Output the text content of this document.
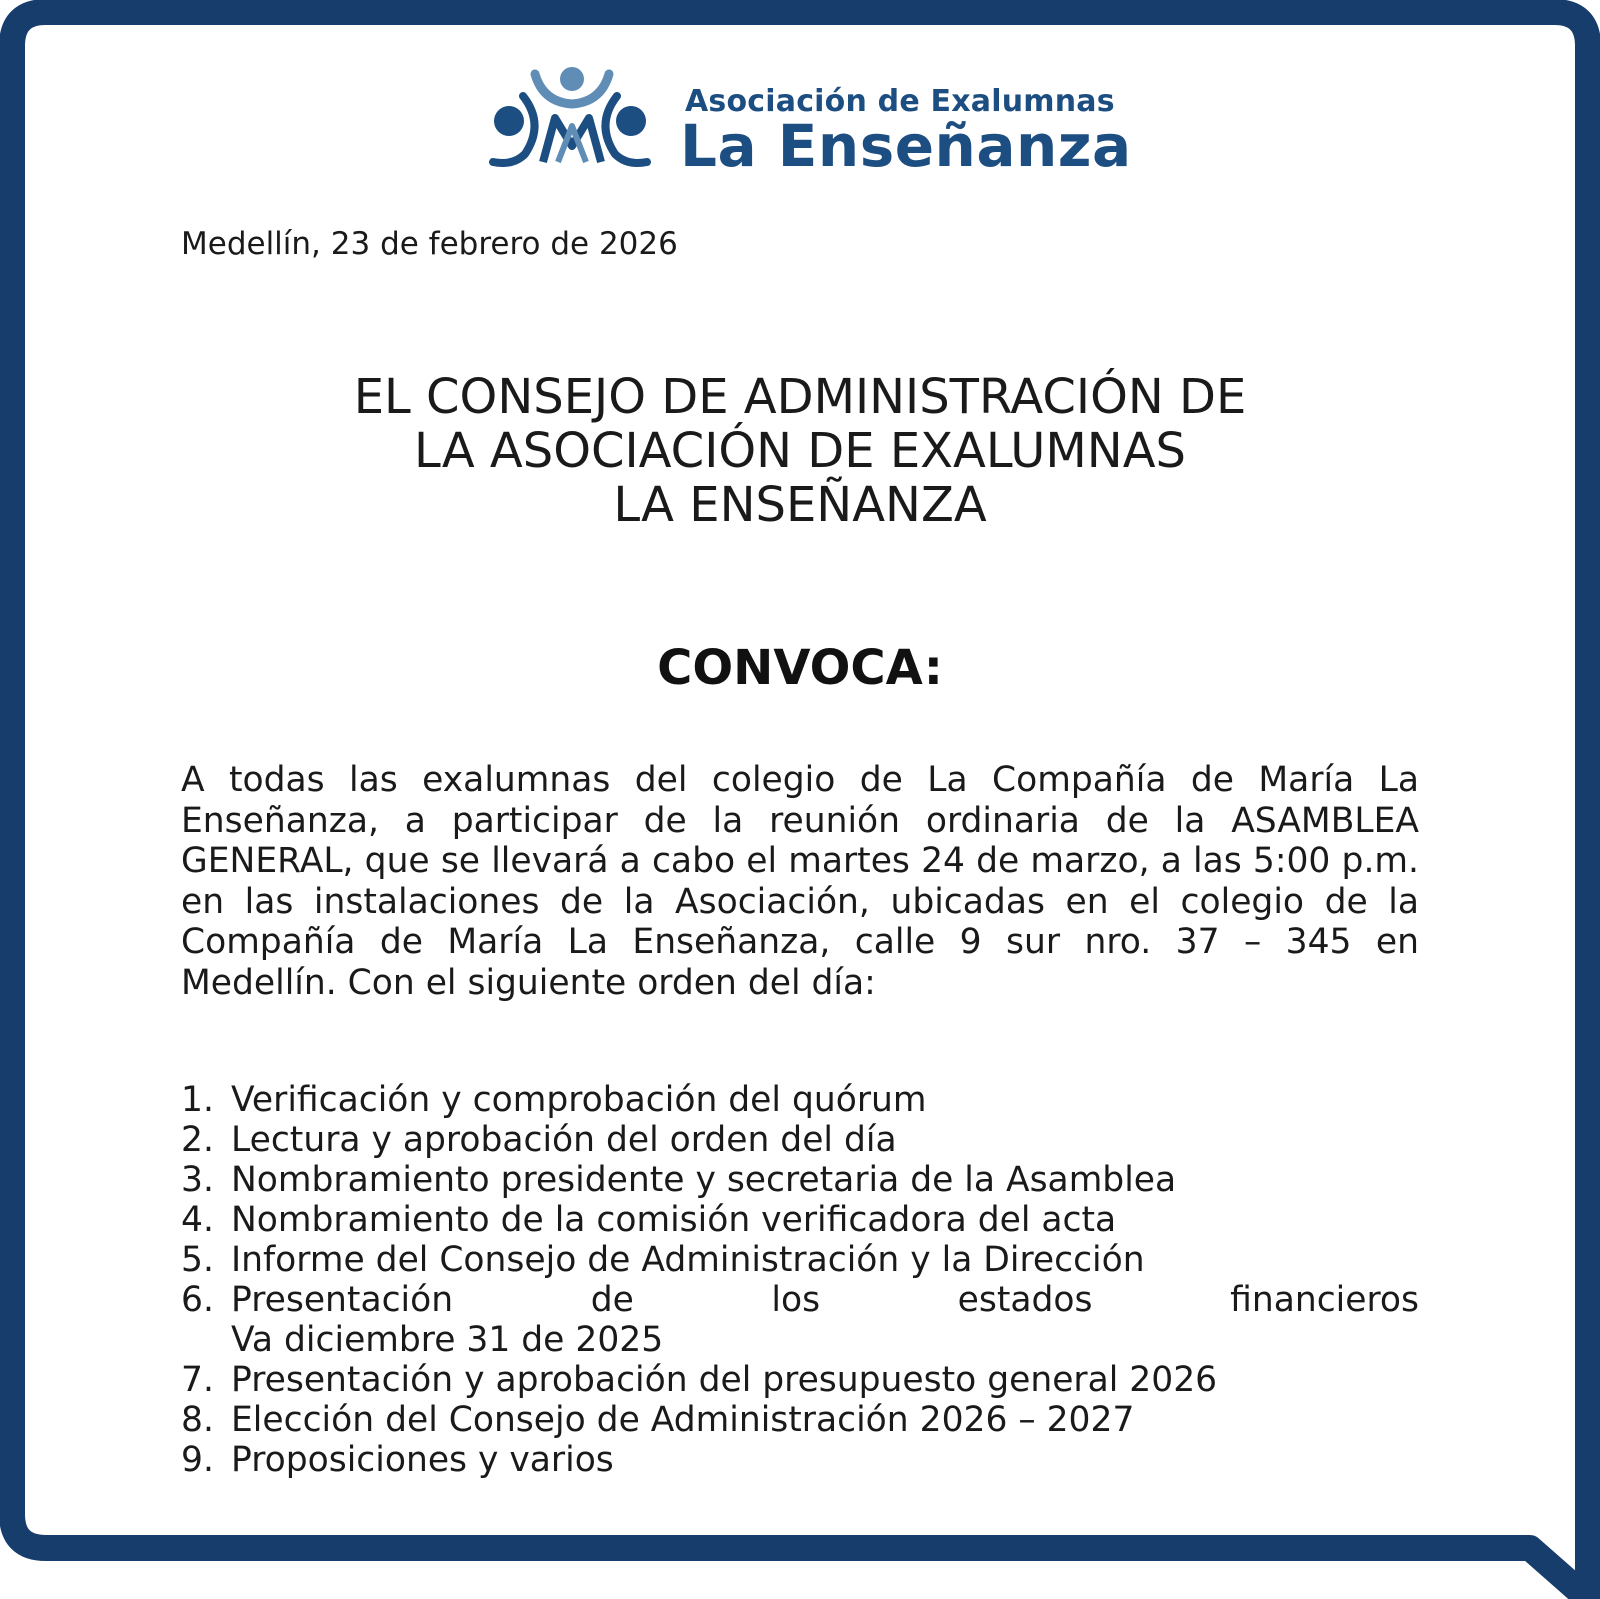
Asociación de Exalumnas
La Enseñanza
Medellín, 23 de febrero de 2026
EL CONSEJO DE ADMINISTRACIÓN DE
LA ASOCIACIÓN DE EXALUMNAS
LA ENSEÑANZA
CONVOCA:
A todas las exalumnas del colegio de La Compañía de María La Enseñanza, a participar de la reunión ordinaria de la ASAMBLEA GENERAL, que se llevará a cabo el martes 24 de marzo, a las 5:00 p.m. en las instalaciones de la Asociación, ubicadas en el colegio de la Compañía de María La Enseñanza, calle 9 sur nro. 37 – 345 en Medellín. Con el siguiente orden del día:
1. Verificación y comprobación del quórum
2. Lectura y aprobación del orden del día
3. Nombramiento presidente y secretaria de la Asamblea
4. Nombramiento de la comisión verificadora del acta
5. Informe del Consejo de Administración y la Dirección
6. Presentación	de	los	estados	financieros
Va diciembre 31 de 2025
7. Presentación y aprobación del presupuesto general 2026
8. Elección del Consejo de Administración 2026 – 2027
9. Proposiciones y varios
